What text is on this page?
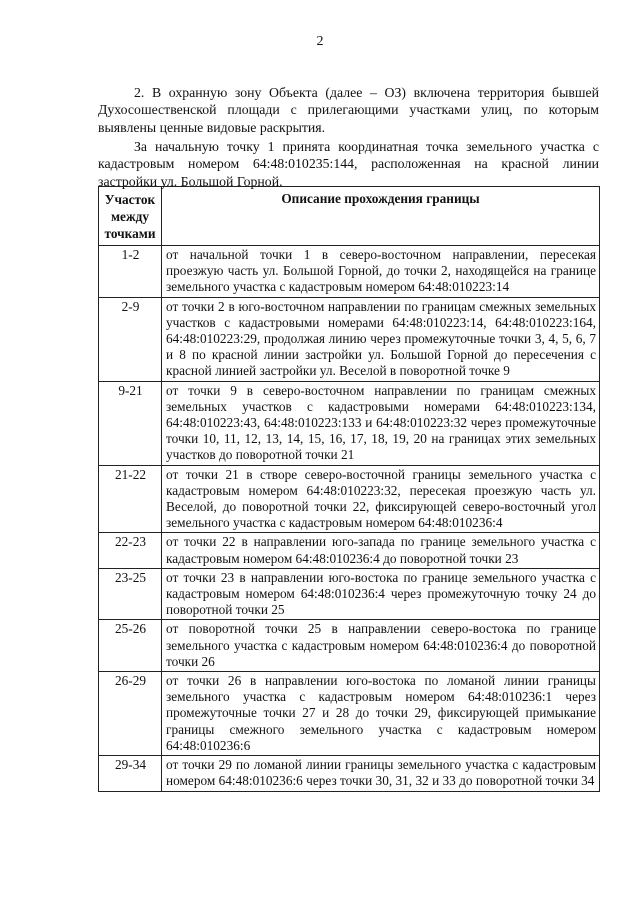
2

2. В охранную зону Объекта (далее – ОЗ) включена территория бывшей Духосошественской площади с прилегающими участками улиц, по которым выявлены ценные видовые раскрытия.

За начальную точку 1 принята координатная точка земельного участка с кадастровым номером 64:48:010235:144, расположенная на красной линии застройки ул. Большой Горной.

Участок между точками	Описание прохождения границы
1-2	от начальной точки 1 в северо-восточном направлении, пересекая проезжую часть ул. Большой Горной, до точки 2, находящейся на границе земельного участка с кадастровым номером 64:48:010223:14
2-9	от точки 2 в юго-восточном направлении по границам смежных земельных участков с кадастровыми номерами 64:48:010223:14, 64:48:010223:164, 64:48:010223:29, продолжая линию через промежуточные точки 3, 4, 5, 6, 7 и 8 по красной линии застройки ул. Большой Горной до пересечения с красной линией застройки ул. Веселой в поворотной точке 9
9-21	от точки 9 в северо-восточном направлении по границам смежных земельных участков с кадастровыми номерами 64:48:010223:134, 64:48:010223:43, 64:48:010223:133 и 64:48:010223:32 через промежуточные точки 10, 11, 12, 13, 14, 15, 16, 17, 18, 19, 20 на границах этих земельных участков до поворотной точки 21
21-22	от точки 21 в створе северо-восточной границы земельного участка с кадастровым номером 64:48:010223:32, пересекая проезжую часть ул. Веселой, до поворотной точки 22, фиксирующей северо-восточный угол земельного участка с кадастровым номером 64:48:010236:4
22-23	от точки 22 в направлении юго-запада по границе земельного участка с кадастровым номером 64:48:010236:4 до поворотной точки 23
23-25	от точки 23 в направлении юго-востока по границе земельного участка с кадастровым номером 64:48:010236:4 через промежуточную точку 24 до поворотной точки 25
25-26	от поворотной точки 25 в направлении северо-востока по границе земельного участка с кадастровым номером 64:48:010236:4 до поворотной точки 26
26-29	от точки 26 в направлении юго-востока по ломаной линии границы земельного участка с кадастровым номером 64:48:010236:1 через промежуточные точки 27 и 28 до точки 29, фиксирующей примыкание границы смежного земельного участка с кадастровым номером 64:48:010236:6
29-34	от точки 29 по ломаной линии границы земельного участка с кадастровым номером 64:48:010236:6 через точки 30, 31, 32 и 33 до поворотной точки 34
